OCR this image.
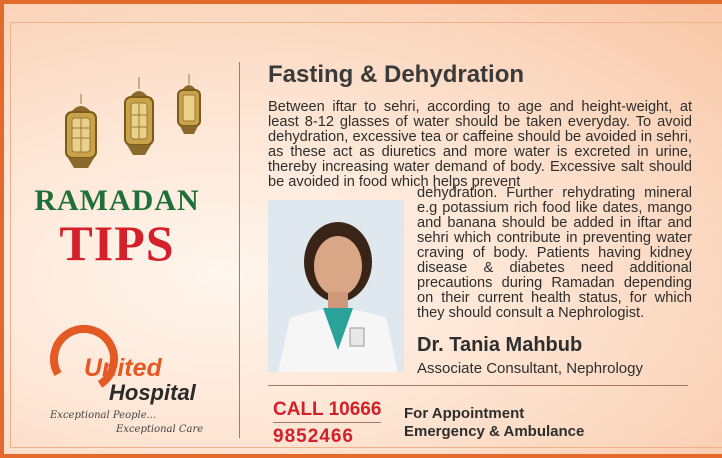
RAMADAN
TIPS
United
Hospital
Exceptional People...
Exceptional Care
Fasting & Dehydration
Between iftar to sehri, according to age and height-weight, at least 8-12 glasses of water should be taken everyday. To avoid dehydration, excessive tea or caffeine should be avoided in sehri, as these act as diuretics and more water is excreted in urine, thereby increasing water demand of body. Excessive salt should be avoided in food which helps prevent
dehydration. Further rehydrating mineral e.g potassium rich food like dates, mango and banana should be added in iftar and sehri which contribute in preventing water craving of body. Patients having kidney disease & diabetes need additional precautions during Ramadan depending on their current health status, for which they should consult a Nephrologist.
Dr. Tania Mahbub
Associate Consultant, Nephrology
CALL 10666
9852466
For Appointment
Emergency & Ambulance
